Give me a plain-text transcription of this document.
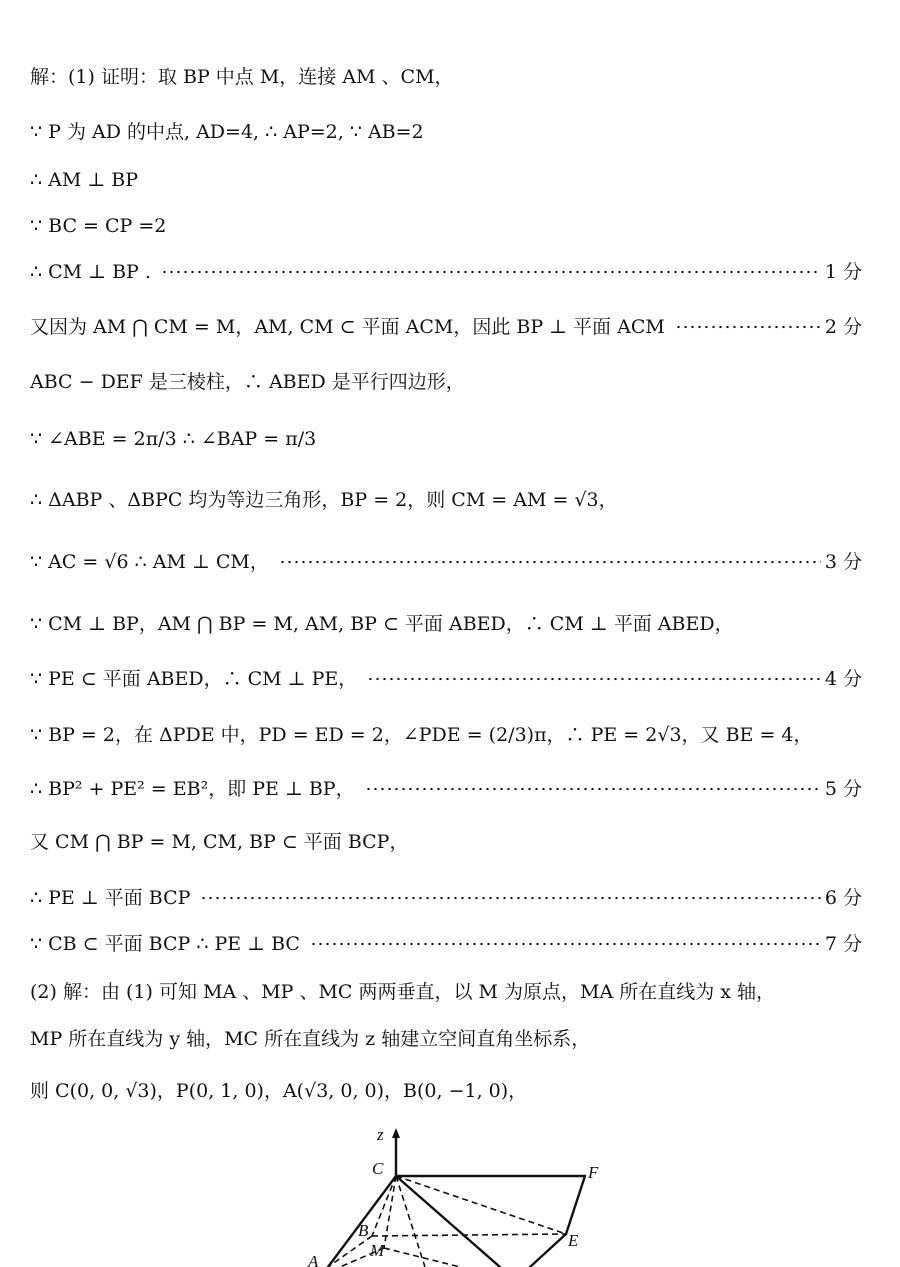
解：(1) 证明：取 BP 中点 M，连接 AM 、CM，
∵ P 为 AD 的中点, AD=4, ∴ AP=2, ∵ AB=2
∴ AM ⊥ BP
∵ BC = CP =2
∴ CM ⊥ BP .	1 分
又因为 AM ⋂ CM = M，AM, CM ⊂ 平面 ACM，因此 BP ⊥ 平面 ACM	2 分
ABC − DEF 是三棱柱，∴ ABED 是平行四边形，
∵ ∠ABE = 2π/3 ∴ ∠BAP = π/3
∴ ΔABP 、ΔBPC 均为等边三角形，BP = 2，则 CM = AM = √3，
∵ AC = √6 ∴ AM ⊥ CM，	3 分
∵ CM ⊥ BP，AM ⋂ BP = M, AM, BP ⊂ 平面 ABED，∴ CM ⊥ 平面 ABED，
∵ PE ⊂ 平面 ABED，∴ CM ⊥ PE，	4 分
∵ BP = 2，在 ΔPDE 中，PD = ED = 2，∠PDE = (2/3)π，∴ PE = 2√3，又 BE = 4，
∴ BP² + PE² = EB²，即 PE ⊥ BP，	5 分
又 CM ⋂ BP = M, CM, BP ⊂ 平面 BCP，
∴ PE ⊥ 平面 BCP	6 分
∵ CB ⊂ 平面 BCP ∴ PE ⊥ BC	7 分
(2) 解：由 (1) 可知 MA 、MP 、MC 两两垂直，以 M 为原点，MA 所在直线为 x 轴，
MP 所在直线为 y 轴，MC 所在直线为 z 轴建立空间直角坐标系，
则 C(0, 0, √3)，P(0, 1, 0)，A(√3, 0, 0)，B(0, −1, 0)，
z
C	F
B
M
E
A
